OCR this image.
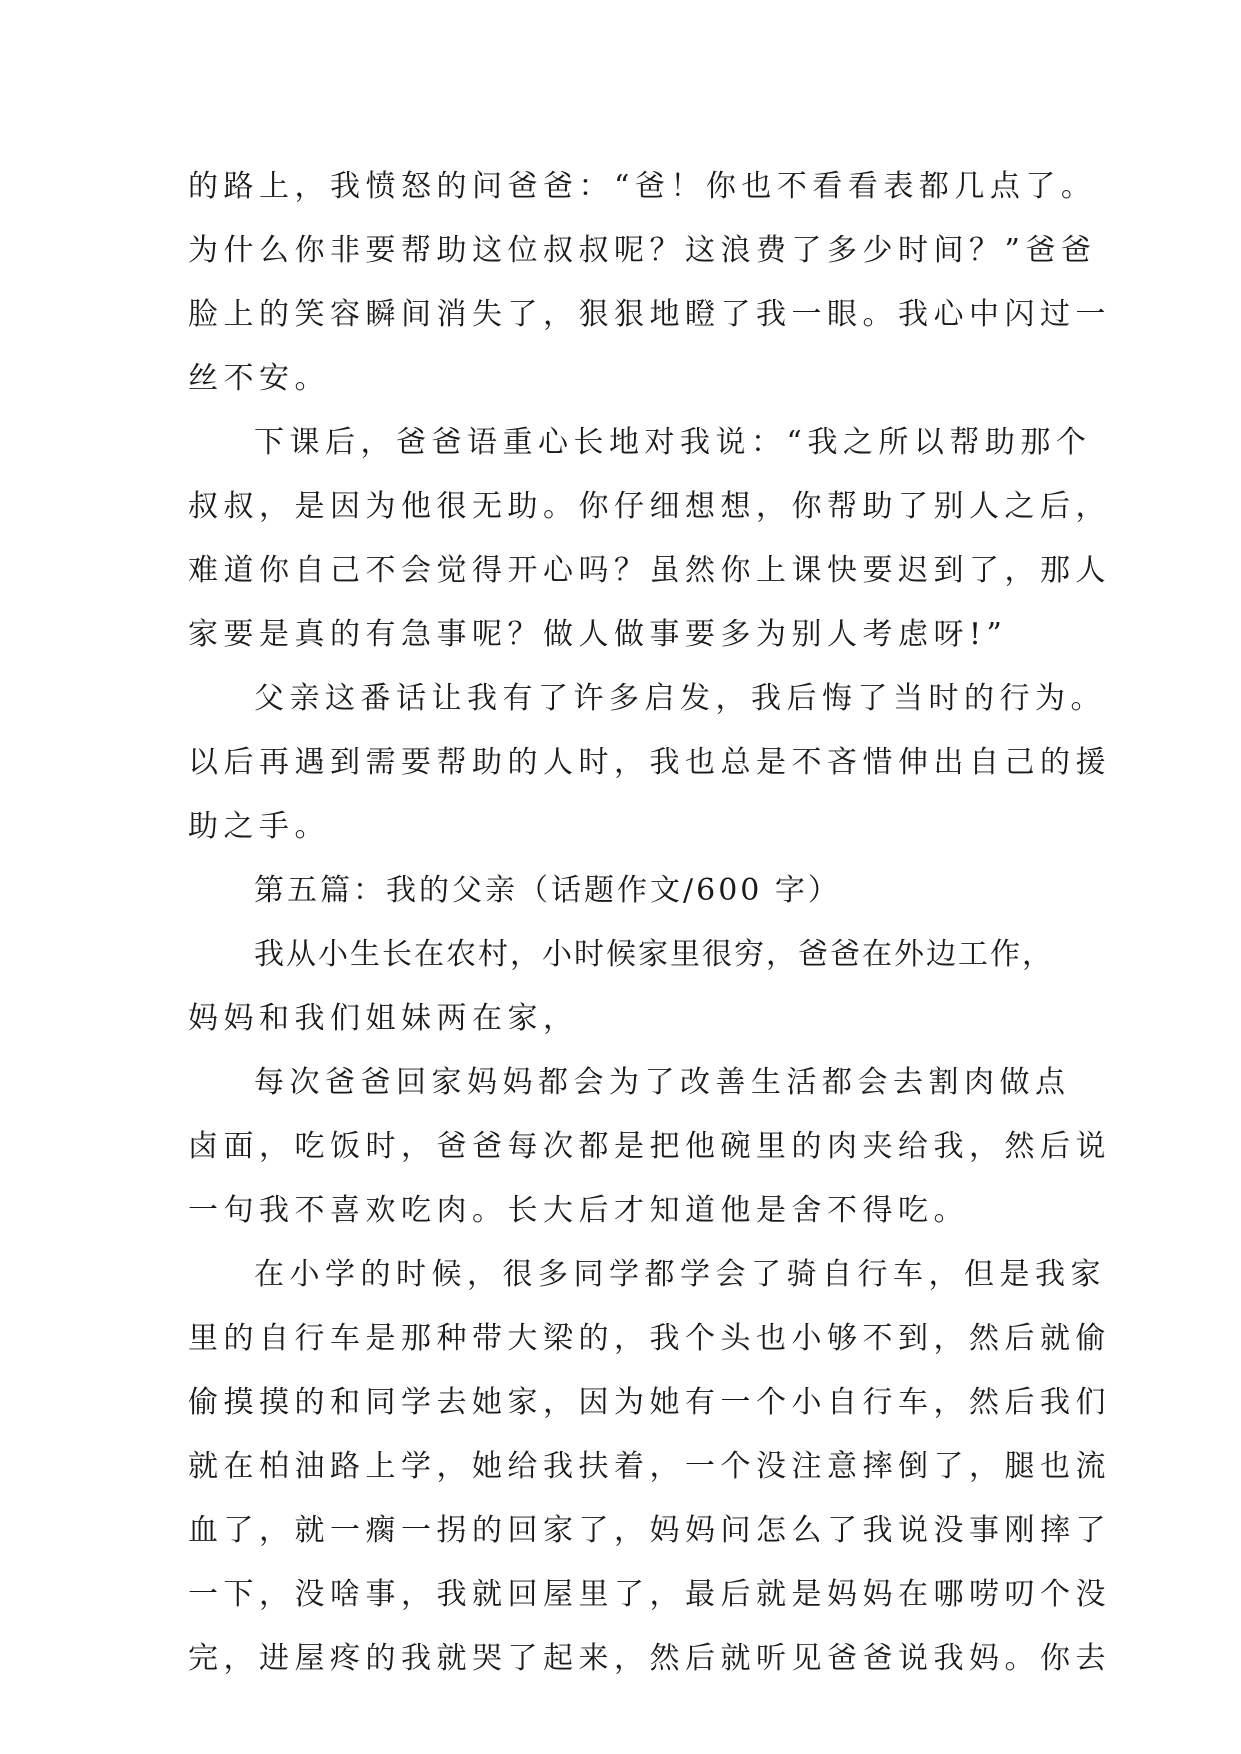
的路上，我愤怒的问爸爸：“爸！你也不看看表都几点了。
为什么你非要帮助这位叔叔呢？这浪费了多少时间？”爸爸
脸上的笑容瞬间消失了，狠狠地瞪了我一眼。我心中闪过一
丝不安。
下课后，爸爸语重心长地对我说：“我之所以帮助那个
叔叔，是因为他很无助。你仔细想想，你帮助了别人之后，
难道你自己不会觉得开心吗？虽然你上课快要迟到了，那人
家要是真的有急事呢？做人做事要多为别人考虑呀!”
父亲这番话让我有了许多启发，我后悔了当时的行为。
以后再遇到需要帮助的人时，我也总是不吝惜伸出自己的援
助之手。
第五篇：我的父亲（话题作文/600 字）
我从小生长在农村，小时候家里很穷，爸爸在外边工作，
妈妈和我们姐妹两在家，
每次爸爸回家妈妈都会为了改善生活都会去割肉做点
卤面，吃饭时，爸爸每次都是把他碗里的肉夹给我，然后说
一句我不喜欢吃肉。长大后才知道他是舍不得吃。
在小学的时候，很多同学都学会了骑自行车，但是我家
里的自行车是那种带大梁的，我个头也小够不到，然后就偷
偷摸摸的和同学去她家，因为她有一个小自行车，然后我们
就在柏油路上学，她给我扶着，一个没注意摔倒了，腿也流
血了，就一瘸一拐的回家了，妈妈问怎么了我说没事刚摔了
一下，没啥事，我就回屋里了，最后就是妈妈在哪唠叨个没
完，进屋疼的我就哭了起来，然后就听见爸爸说我妈。你去
